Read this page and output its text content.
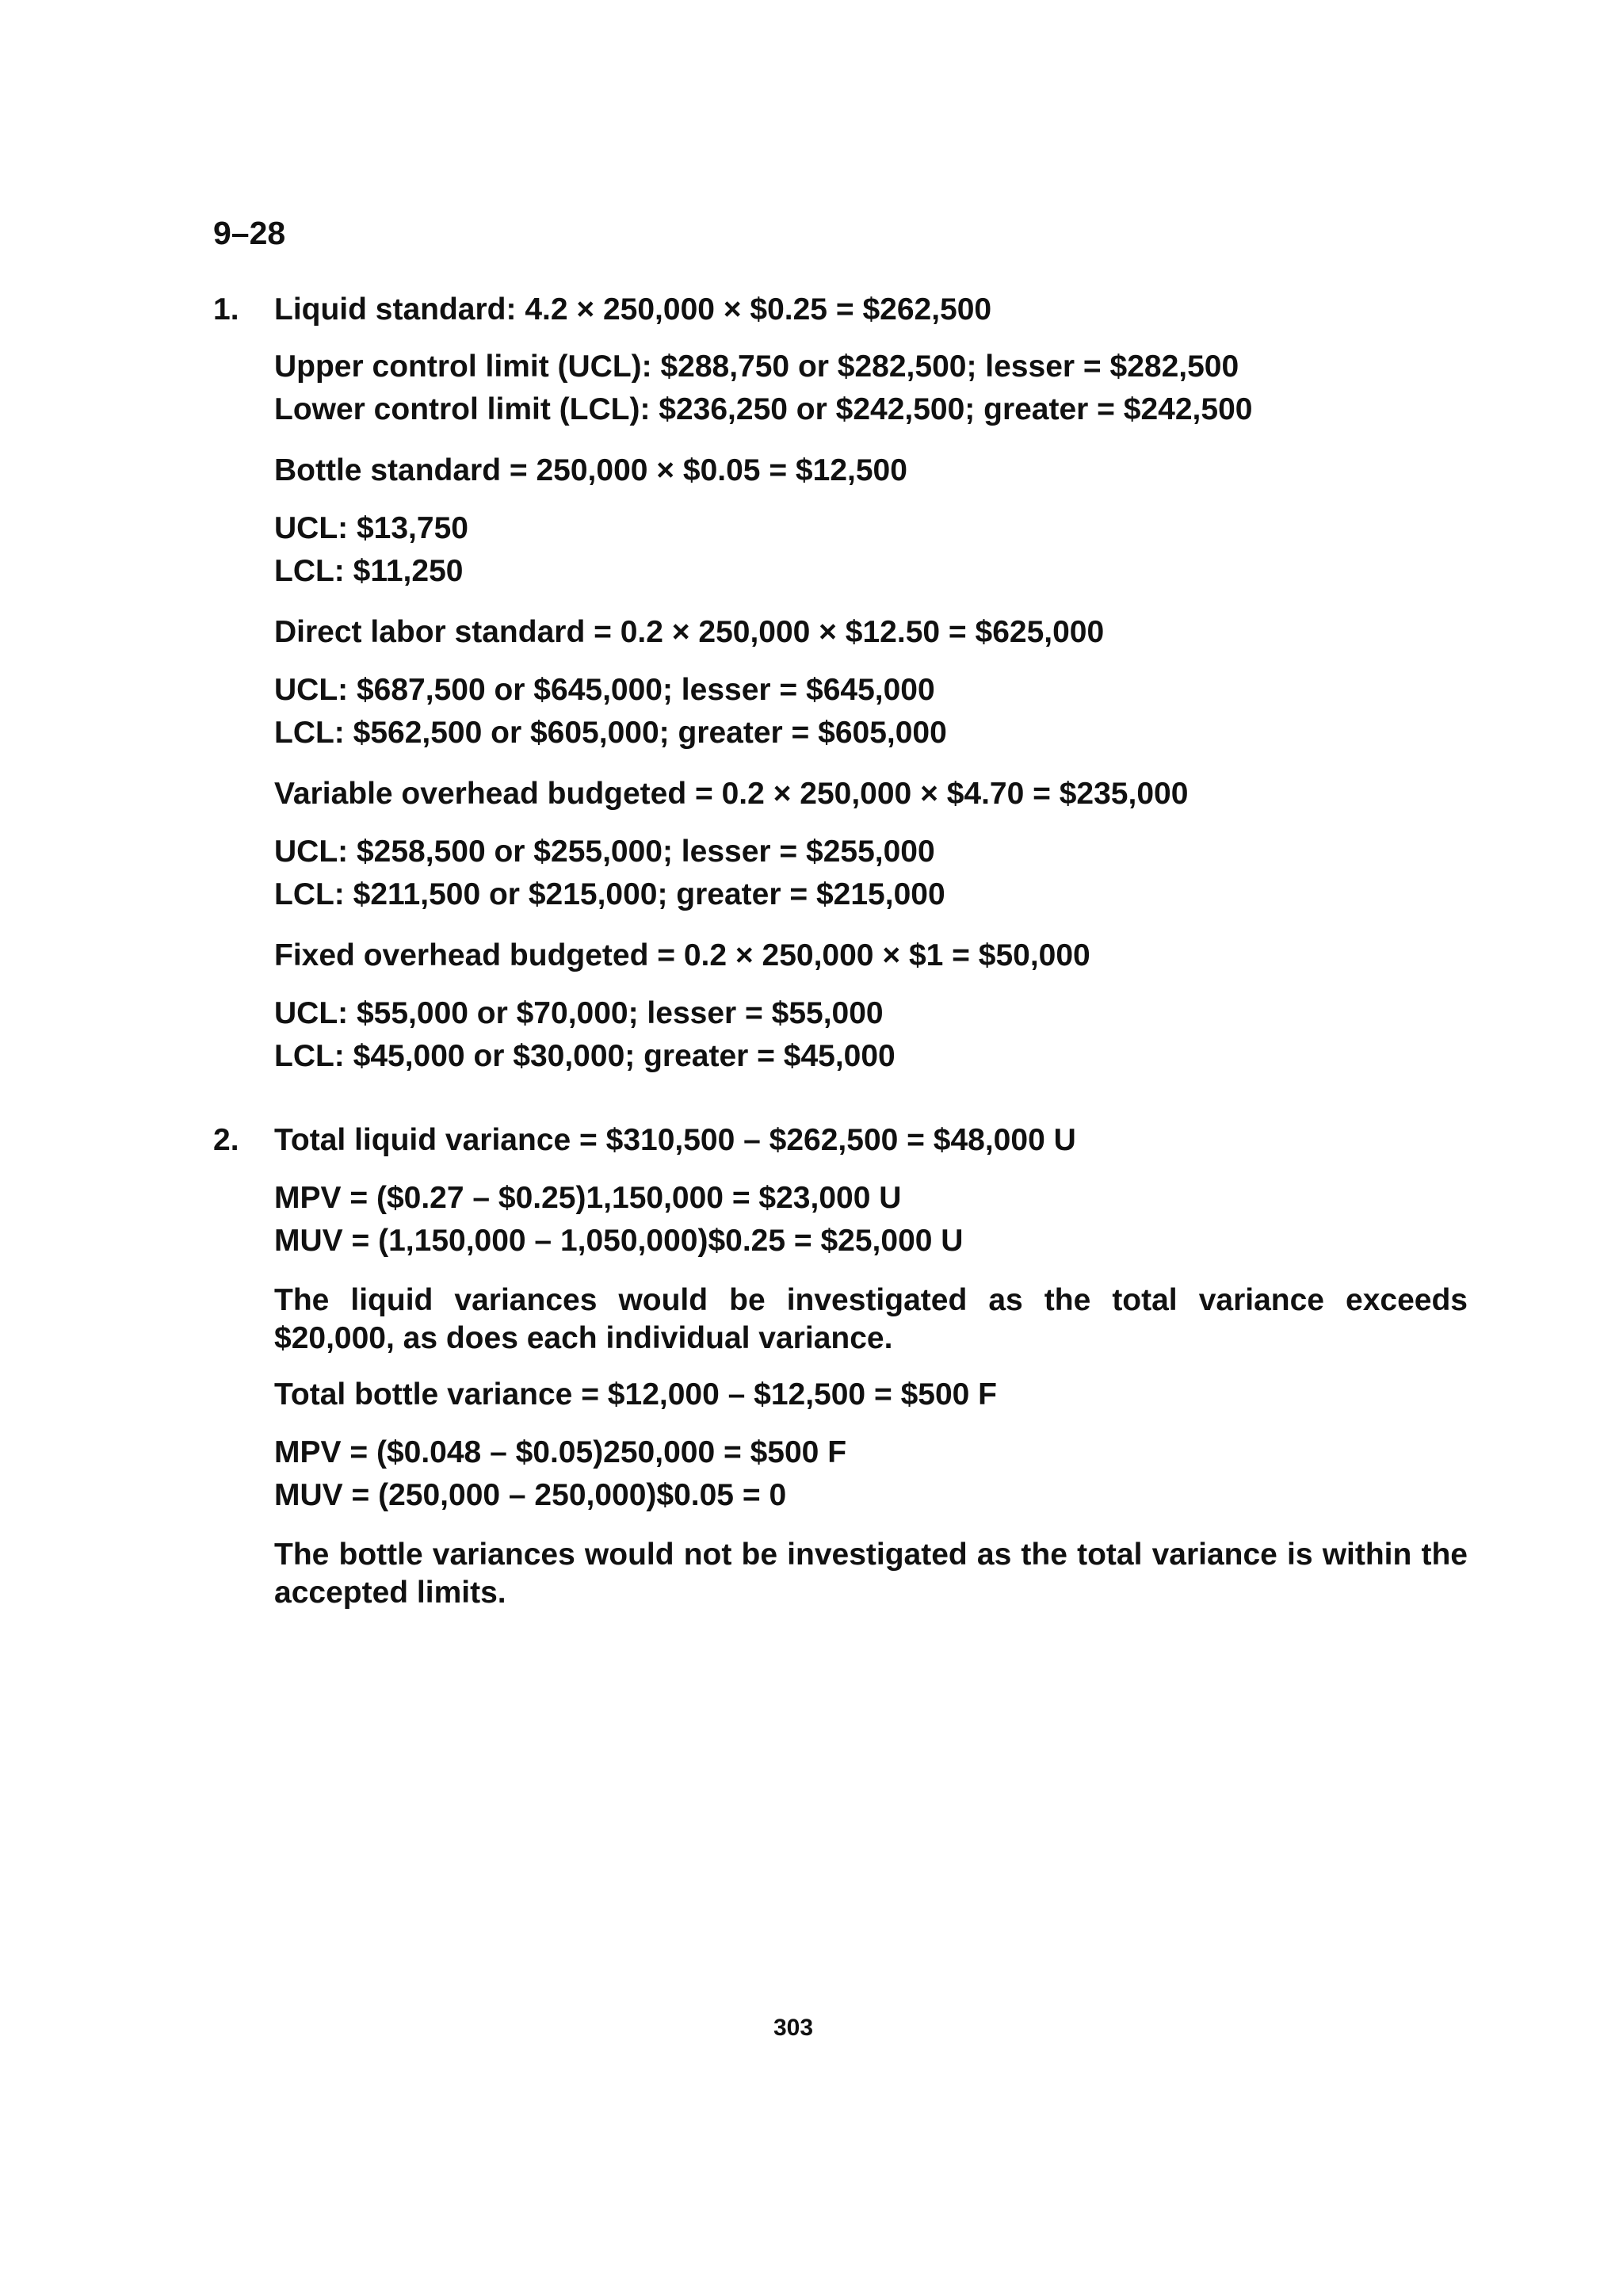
9–28
1.	Liquid standard: 4.2 × 250,000 × $0.25 = $262,500
Upper control limit (UCL): $288,750 or $282,500; lesser = $282,500
Lower control limit (LCL): $236,250 or $242,500; greater = $242,500
Bottle standard = 250,000 × $0.05 = $12,500
UCL: $13,750
LCL: $11,250
Direct labor standard = 0.2 × 250,000 × $12.50 = $625,000
UCL: $687,500 or $645,000; lesser = $645,000
LCL: $562,500 or $605,000; greater = $605,000
Variable overhead budgeted = 0.2 × 250,000 × $4.70 = $235,000
UCL: $258,500 or $255,000; lesser = $255,000
LCL: $211,500 or $215,000; greater = $215,000
Fixed overhead budgeted = 0.2 × 250,000 × $1 = $50,000
UCL: $55,000 or $70,000; lesser = $55,000
LCL: $45,000 or $30,000; greater = $45,000
2.	Total liquid variance = $310,500 – $262,500 = $48,000 U
MPV = ($0.27 – $0.25)1,150,000 = $23,000 U
MUV = (1,150,000 – 1,050,000)$0.25 = $25,000 U
The liquid variances would be investigated as the total variance exceeds $20,000, as does each individual variance.
Total bottle variance = $12,000 – $12,500 = $500 F
MPV = ($0.048 – $0.05)250,000 = $500 F
MUV = (250,000 – 250,000)$0.05 = 0
The bottle variances would not be investigated as the total variance is within the accepted limits.
303
